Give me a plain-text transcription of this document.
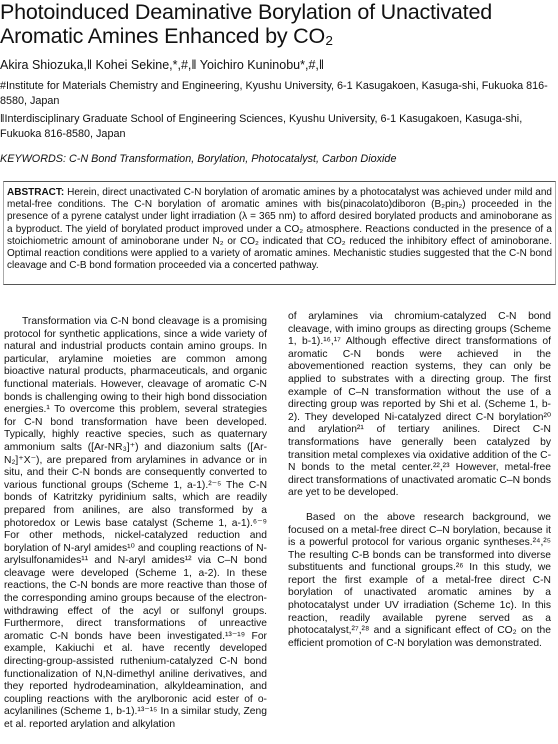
Photoinduced Deaminative Borylation of Unactivated Aromatic Amines Enhanced by CO₂
Akira Shiozuka,‖ Kohei Sekine,*,#,‖ Yoichiro Kuninobu*,#,‖
#Institute for Materials Chemistry and Engineering, Kyushu University, 6-1 Kasugakoen, Kasuga-shi, Fukuoka 816-8580, Japan
‖Interdisciplinary Graduate School of Engineering Sciences, Kyushu University, 6-1 Kasugakoen, Kasuga-shi, Fukuoka 816-8580, Japan
KEYWORDS: C-N Bond Transformation, Borylation, Photocatalyst, Carbon Dioxide
ABSTRACT: Herein, direct unactivated C-N borylation of aromatic amines by a photocatalyst was achieved under mild and metal-free conditions. The C-N borylation of aromatic amines with bis(pinacolato)diboron (B₂pin₂) proceeded in the presence of a pyrene catalyst under light irradiation (λ = 365 nm) to afford desired borylated products and aminoborane as a byproduct. The yield of borylated product improved under a CO₂ atmosphere. Reactions conducted in the presence of a stoichiometric amount of aminoborane under N₂ or CO₂ indicated that CO₂ reduced the inhibitory effect of aminoborane. Optimal reaction conditions were applied to a variety of aromatic amines. Mechanistic studies suggested that the C-N bond cleavage and C-B bond formation proceeded via a concerted pathway.

Transformation via C-N bond cleavage is a promising protocol for synthetic applications, since a wide variety of natural and industrial products contain amino groups. In particular, arylamine moieties are common among bioactive natural products, pharmaceuticals, and organic functional materials. However, cleavage of aromatic C-N bonds is challenging owing to their high bond dissociation energies.¹ To overcome this problem, several strategies for C-N bond transformation have been developed. Typically, highly reactive species, such as quaternary ammonium salts ([Ar-NR₃]⁺) and diazonium salts ([Ar-N₂]⁺X⁻), are prepared from arylamines in advance or in situ, and their C-N bonds are consequently converted to various functional groups (Scheme 1, a-1).²⁻⁵ The C-N bonds of Katritzky pyridinium salts, which are readily prepared from anilines, are also transformed by a photoredox or Lewis base catalyst (Scheme 1, a-1).⁶⁻⁹ For other methods, nickel-catalyzed reduction and borylation of N-aryl amides¹⁰ and coupling reactions of N-arylsulfonamides¹¹ and N-aryl amides¹² via C–N bond cleavage were developed (Scheme 1, a-2). In these reactions, the C-N bonds are more reactive than those of the corresponding amino groups because of the electron-withdrawing effect of the acyl or sulfonyl groups. Furthermore, direct transformations of unreactive aromatic C-N bonds have been investigated.¹³⁻¹⁹ For example, Kakiuchi et al. have recently developed directing-group-assisted ruthenium-catalyzed C-N bond functionalization of N,N-dimethyl aniline derivatives, and they reported hydrodeamination, alkyldeamination, and coupling reactions with the arylboronic acid ester of o-acylanilines (Scheme 1, b-1).¹³⁻¹⁵ In a similar study, Zeng et al. reported arylation and alkylation

of arylamines via chromium-catalyzed C-N bond cleavage, with imino groups as directing groups (Scheme 1, b-1).¹⁶,¹⁷ Although effective direct transformations of aromatic C-N bonds were achieved in the abovementioned reaction systems, they can only be applied to substrates with a directing group. The first example of C–N transformation without the use of a directing group was reported by Shi et al. (Scheme 1, b-2). They developed Ni-catalyzed direct C-N borylation²⁰ and arylation²¹ of tertiary anilines. Direct C-N transformations have generally been catalyzed by transition metal complexes via oxidative addition of the C-N bonds to the metal center.²²,²³ However, metal-free direct transformations of unactivated aromatic C–N bonds are yet to be developed.

Based on the above research background, we focused on a metal-free direct C–N borylation, because it is a powerful protocol for various organic syntheses.²⁴,²⁵ The resulting C-B bonds can be transformed into diverse substituents and functional groups.²⁶ In this study, we report the first example of a metal-free direct C-N borylation of unactivated aromatic amines by a photocatalyst under UV irradiation (Scheme 1c). In this reaction, readily available pyrene served as a photocatalyst,²⁷,²⁸ and a significant effect of CO₂ on the efficient promotion of C-N borylation was demonstrated.
